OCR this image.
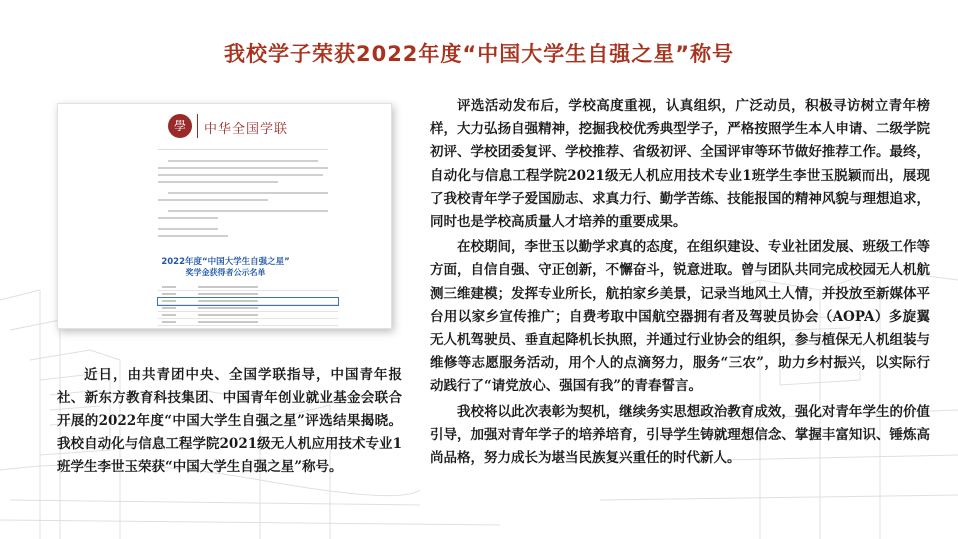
我校学子荣获2022年度“中国大学生自强之星”称号
學	中华全国学联
2022年度“中国大学生自强之星”
奖学金获得者公示名单
近日，由共青团中央、全国学联指导，中国青年报社、新东方教育科技集团、中国青年创业就业基金会联合开展的2022年度“中国大学生自强之星”评选结果揭晓。我校自动化与信息工程学院2021级无人机应用技术专业1班学生李世玉荣获“中国大学生自强之星”称号。

评选活动发布后，学校高度重视，认真组织，广泛动员，积极寻访树立青年榜样，大力弘扬自强精神，挖掘我校优秀典型学子，严格按照学生本人申请、二级学院初评、学校团委复评、学校推荐、省级初评、全国评审等环节做好推荐工作。最终，自动化与信息工程学院2021级无人机应用技术专业1班学生李世玉脱颖而出，展现了我校青年学子爱国励志、求真力行、勤学苦练、技能报国的精神风貌与理想追求，同时也是学校高质量人才培养的重要成果。

在校期间，李世玉以勤学求真的态度，在组织建设、专业社团发展、班级工作等方面，自信自强、守正创新，不懈奋斗，锐意进取。曾与团队共同完成校园无人机航测三维建模；发挥专业所长，航拍家乡美景，记录当地风土人情，并投放至新媒体平台用以家乡宣传推广；自费考取中国航空器拥有者及驾驶员协会（AOPA）多旋翼无人机驾驶员、垂直起降机长执照，并通过行业协会的组织，参与植保无人机组装与维修等志愿服务活动，用个人的点滴努力，服务“三农”，助力乡村振兴，以实际行动践行了“请党放心、强国有我”的青春誓言。

我校将以此次表彰为契机，继续务实思想政治教育成效，强化对青年学生的价值引导，加强对青年学子的培养培育，引导学生铸就理想信念、掌握丰富知识、锤炼高尚品格，努力成长为堪当民族复兴重任的时代新人。
